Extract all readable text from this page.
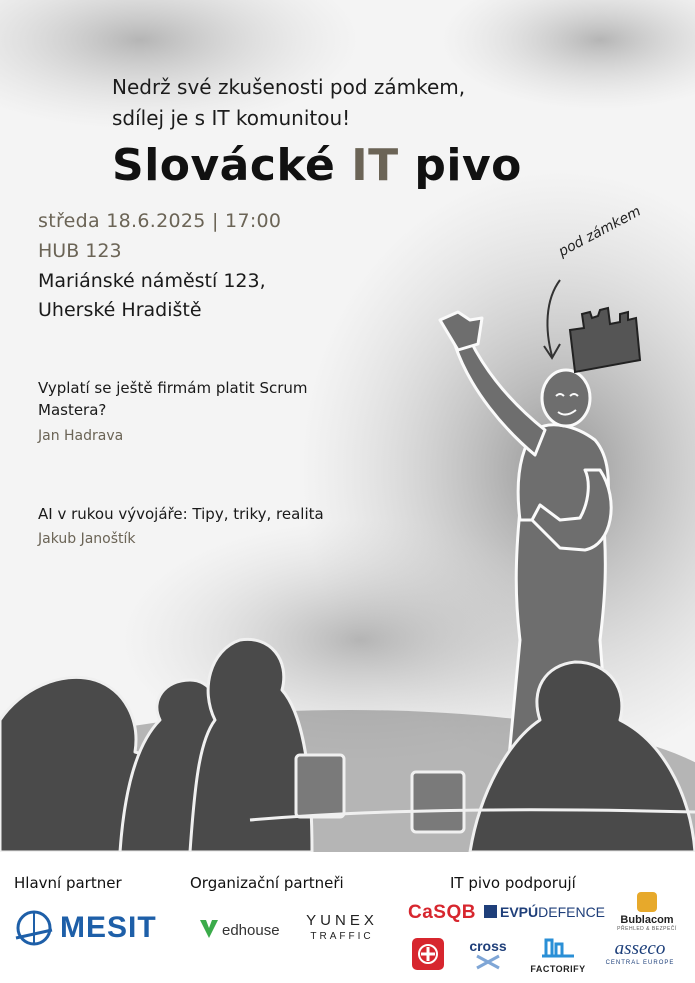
Nedrž své zkušenosti pod zámkem,
sdílej je s IT komunitou!
Slovácké IT pivo
středa 18.6.2025 | 17:00
HUB 123
Mariánské náměstí 123,
Uherské Hradiště
Vyplatí se ještě firmám platit Scrum
Mastera?
Jan Hadrava
AI v rukou vývojáře: Tipy, triky, realita
Jakub Janoštík
pod zámkem
Hlavní partner	Organizační partneři	IT pivo podporují
MESIT	edhouse
YUNEX
TRAFFIC
CaSQB	EVPÚDEFENCE	Bublacom
PŘEHLED & BEZPEČÍ
cross
FACTORIFY
asseco
CENTRAL EUROPE
